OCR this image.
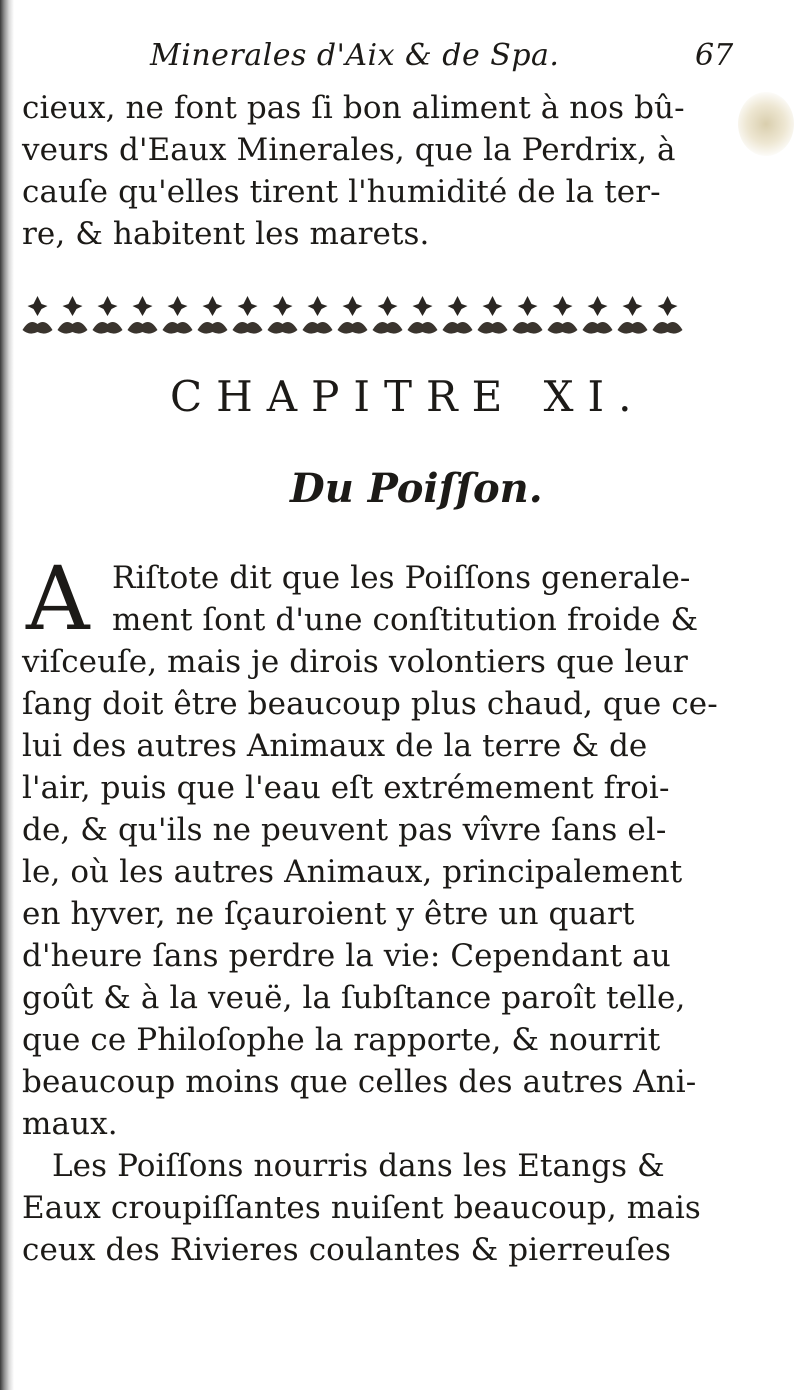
Minerales d'Aix & de Spa.	67
cieux, ne font pas ſi bon aliment à nos bû-
veurs d'Eaux Minerales, que la Perdrix, à
cauſe qu'elles tirent l'humidité de la ter-
re, & habitent les marets.
CHAPITRE XI.
Du Poiſſon.
A Riſtote dit que les Poiſſons generale-
ment ſont d'une conſtitution froide &
viſceuſe, mais je dirois volontiers que leur
ſang doit être beaucoup plus chaud, que ce-
lui des autres Animaux de la terre & de
l'air, puis que l'eau eſt extrémement froi-
de, & qu'ils ne peuvent pas vîvre ſans el-
le, où les autres Animaux, principalement
en hyver, ne ſçauroient y être un quart
d'heure ſans perdre la vie: Cependant au
goût & à la veuë, la ſubſtance paroît telle,
que ce Philoſophe la rapporte, & nourrit
beaucoup moins que celles des autres Ani-
maux.
Les Poiſſons nourris dans les Etangs &
Eaux croupiſſantes nuiſent beaucoup, mais
ceux des Rivieres coulantes & pierreuſes
